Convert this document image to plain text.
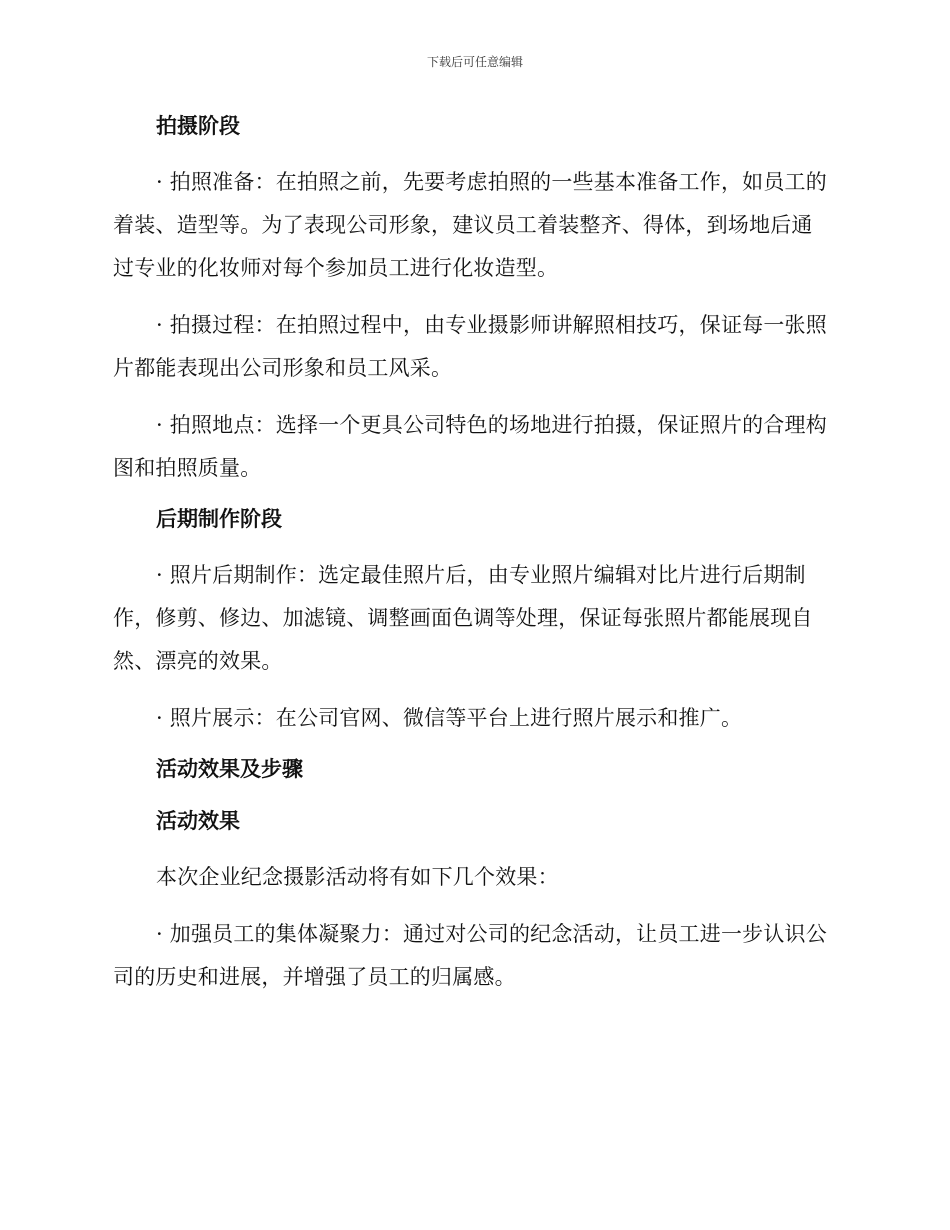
下载后可任意编辑
拍摄阶段

· 拍照准备：在拍照之前，先要考虑拍照的一些基本准备工作，如员工的着装、造型等。为了表现公司形象，建议员工着装整齐、得体，到场地后通过专业的化妆师对每个参加员工进行化妆造型。

· 拍摄过程：在拍照过程中，由专业摄影师讲解照相技巧，保证每一张照片都能表现出公司形象和员工风采。

· 拍照地点：选择一个更具公司特色的场地进行拍摄，保证照片的合理构图和拍照质量。

后期制作阶段

· 照片后期制作：选定最佳照片后，由专业照片编辑对比片进行后期制作，修剪、修边、加滤镜、调整画面色调等处理，保证每张照片都能展现自然、漂亮的效果。

· 照片展示：在公司官网、微信等平台上进行照片展示和推广。

活动效果及步骤
活动效果

本次企业纪念摄影活动将有如下几个效果：

· 加强员工的集体凝聚力：通过对公司的纪念活动，让员工进一步认识公司的历史和进展，并增强了员工的归属感。
